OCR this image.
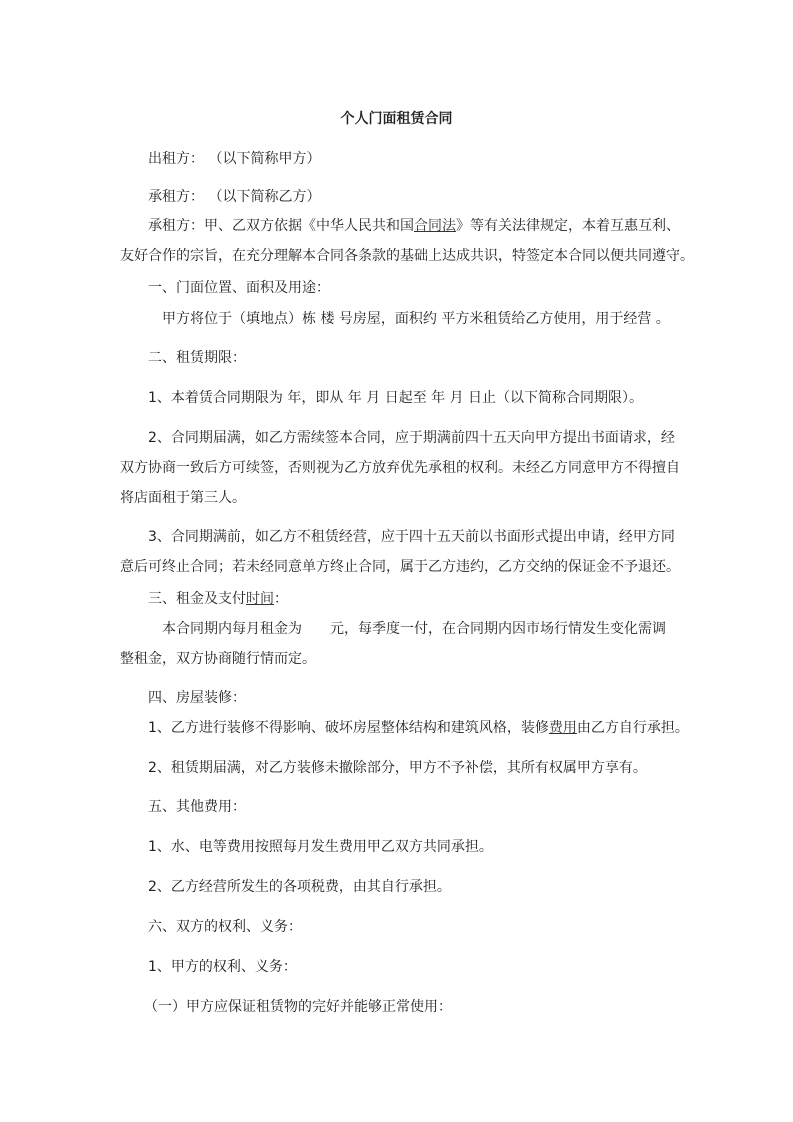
个人门面租赁合同
出租方： （以下简称甲方）
承租方： （以下简称乙方）
承租方：甲、乙双方依据《中华人民共和国合同法》等有关法律规定，本着互惠互利、
友好合作的宗旨，在充分理解本合同各条款的基础上达成共识，特签定本合同以便共同遵守。
一、门面位置、面积及用途：
甲方将位于（填地点）栋 楼 号房屋，面积约 平方米租赁给乙方使用，用于经营 。
二、租赁期限：
1、本着赁合同期限为 年，即从 年 月 日起至 年 月 日止（以下简称合同期限）。
2、合同期届满，如乙方需续签本合同，应于期满前四十五天向甲方提出书面请求，经
双方协商一致后方可续签，否则视为乙方放弃优先承租的权利。未经乙方同意甲方不得擅自
将店面租于第三人。
3、合同期满前，如乙方不租赁经营，应于四十五天前以书面形式提出申请，经甲方同
意后可终止合同；若未经同意单方终止合同，属于乙方违约，乙方交纳的保证金不予退还。
三、租金及支付时间：
本合同期内每月租金为　　元，每季度一付，在合同期内因市场行情发生变化需调
整租金，双方协商随行情而定。
四、房屋装修：
1、乙方进行装修不得影响、破坏房屋整体结构和建筑风格，装修费用由乙方自行承担。
2、租赁期届满，对乙方装修未撤除部分，甲方不予补偿，其所有权属甲方享有。
五、其他费用：
1、水、电等费用按照每月发生费用甲乙双方共同承担。
2、乙方经营所发生的各项税费，由其自行承担。
六、双方的权利、义务：
1、甲方的权利、义务：
（一）甲方应保证租赁物的完好并能够正常使用：
